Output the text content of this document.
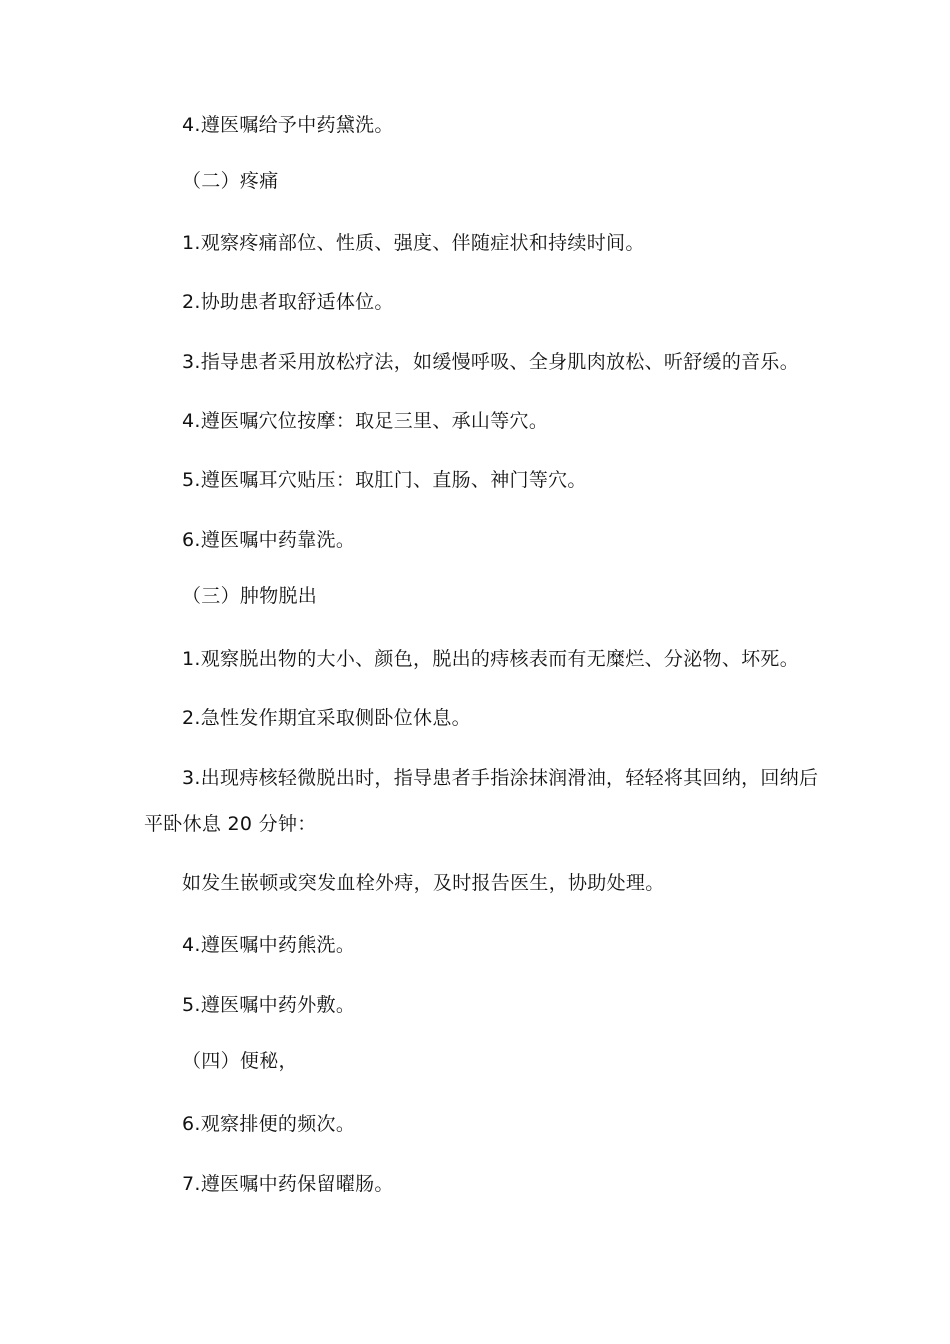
4.遵医嘱给予中药黛洗。
（二）疼痛
1.观察疼痛部位、性质、强度、伴随症状和持续时间。
2.协助患者取舒适体位。
3.指导患者采用放松疗法，如缓慢呼吸、全身肌肉放松、听舒缓的音乐。
4.遵医嘱穴位按摩：取足三里、承山等穴。
5.遵医嘱耳穴贴压：取肛门、直肠、神门等穴。
6.遵医嘱中药靠洗。
（三）肿物脱出
1.观察脱出物的大小、颜色，脱出的痔核表而有无糜烂、分泌物、坏死。
2.急性发作期宜采取侧卧位休息。
3.出现痔核轻微脱出时，指导患者手指涂抹润滑油，轻轻将其回纳，回纳后
平卧休息 20 分钟：
如发生嵌顿或突发血栓外痔，及时报告医生，协助处理。
4.遵医嘱中药熊洗。
5.遵医嘱中药外敷。
（四）便秘，
6.观察排便的频次。
7.遵医嘱中药保留曜肠。
